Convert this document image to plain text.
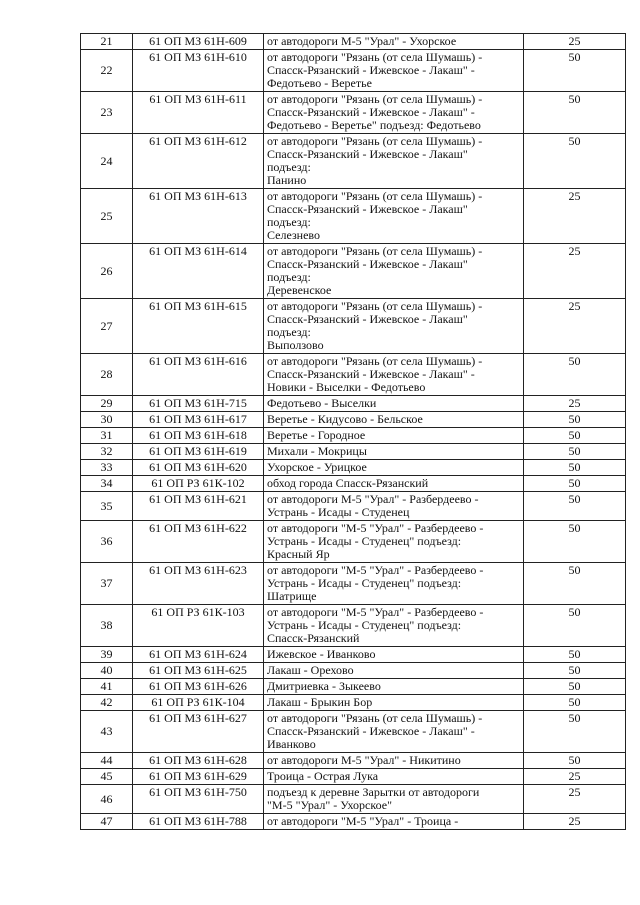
21	61 ОП МЗ 61Н-609	от автодороги М-5 "Урал" - Ухорское	25
22	61 ОП МЗ 61Н-610	от автодороги "Рязань (от села Шумашь) -
Спасск-Рязанский - Ижевское - Лакаш" -
Федотьево - Веретье	50
23	61 ОП МЗ 61Н-611	от автодороги "Рязань (от села Шумашь) -
Спасск-Рязанский - Ижевское - Лакаш" -
Федотьево - Веретье" подъезд: Федотьево	50
24	61 ОП МЗ 61Н-612	от автодороги "Рязань (от села Шумашь) -
Спасск-Рязанский - Ижевское - Лакаш"
подъезд:
Панино	50
25	61 ОП МЗ 61Н-613	от автодороги "Рязань (от села Шумашь) -
Спасск-Рязанский - Ижевское - Лакаш"
подъезд:
Селезнево	25
26	61 ОП МЗ 61Н-614	от автодороги "Рязань (от села Шумашь) -
Спасск-Рязанский - Ижевское - Лакаш"
подъезд:
Деревенское	25
27	61 ОП МЗ 61Н-615	от автодороги "Рязань (от села Шумашь) -
Спасск-Рязанский - Ижевское - Лакаш"
подъезд:
Выползово	25
28	61 ОП МЗ 61Н-616	от автодороги "Рязань (от села Шумашь) -
Спасск-Рязанский - Ижевское - Лакаш" -
Новики - Выселки - Федотьево	50
29	61 ОП МЗ 61Н-715	Федотьево - Выселки	25
30	61 ОП МЗ 61Н-617	Веретье - Кидусово - Бельское	50
31	61 ОП МЗ 61Н-618	Веретье - Городное	50
32	61 ОП МЗ 61Н-619	Михали - Мокрицы	50
33	61 ОП МЗ 61Н-620	Ухорское - Урицкое	50
34	61 ОП РЗ 61К-102	обход города Спасск-Рязанский	50
35	61 ОП МЗ 61Н-621	от автодороги М-5 "Урал" - Разбердеево -
Устрань - Исады - Студенец	50
36	61 ОП МЗ 61Н-622	от автодороги "М-5 "Урал" - Разбердеево -
Устрань - Исады - Студенец" подъезд:
Красный Яр	50
37	61 ОП МЗ 61Н-623	от автодороги "М-5 "Урал" - Разбердеево -
Устрань - Исады - Студенец" подъезд:
Шатрище	50
38	61 ОП РЗ 61К-103	от автодороги "М-5 "Урал" - Разбердеево -
Устрань - Исады - Студенец" подъезд:
Спасск-Рязанский	50
39	61 ОП МЗ 61Н-624	Ижевское - Иванково	50
40	61 ОП МЗ 61Н-625	Лакаш - Орехово	50
41	61 ОП МЗ 61Н-626	Дмитриевка - Зыкеево	50
42	61 ОП РЗ 61К-104	Лакаш - Брыкин Бор	50
43	61 ОП МЗ 61Н-627	от автодороги "Рязань (от села Шумашь) -
Спасск-Рязанский - Ижевское - Лакаш" -
Иванково	50
44	61 ОП МЗ 61Н-628	от автодороги М-5 "Урал" - Никитино	50
45	61 ОП МЗ 61Н-629	Троица - Острая Лука	25
46	61 ОП МЗ 61Н-750	подъезд к деревне Зарытки от автодороги
"М-5 "Урал" - Ухорское"	25
47	61 ОП МЗ 61Н-788	от автодороги "М-5 "Урал" - Троица -	25
